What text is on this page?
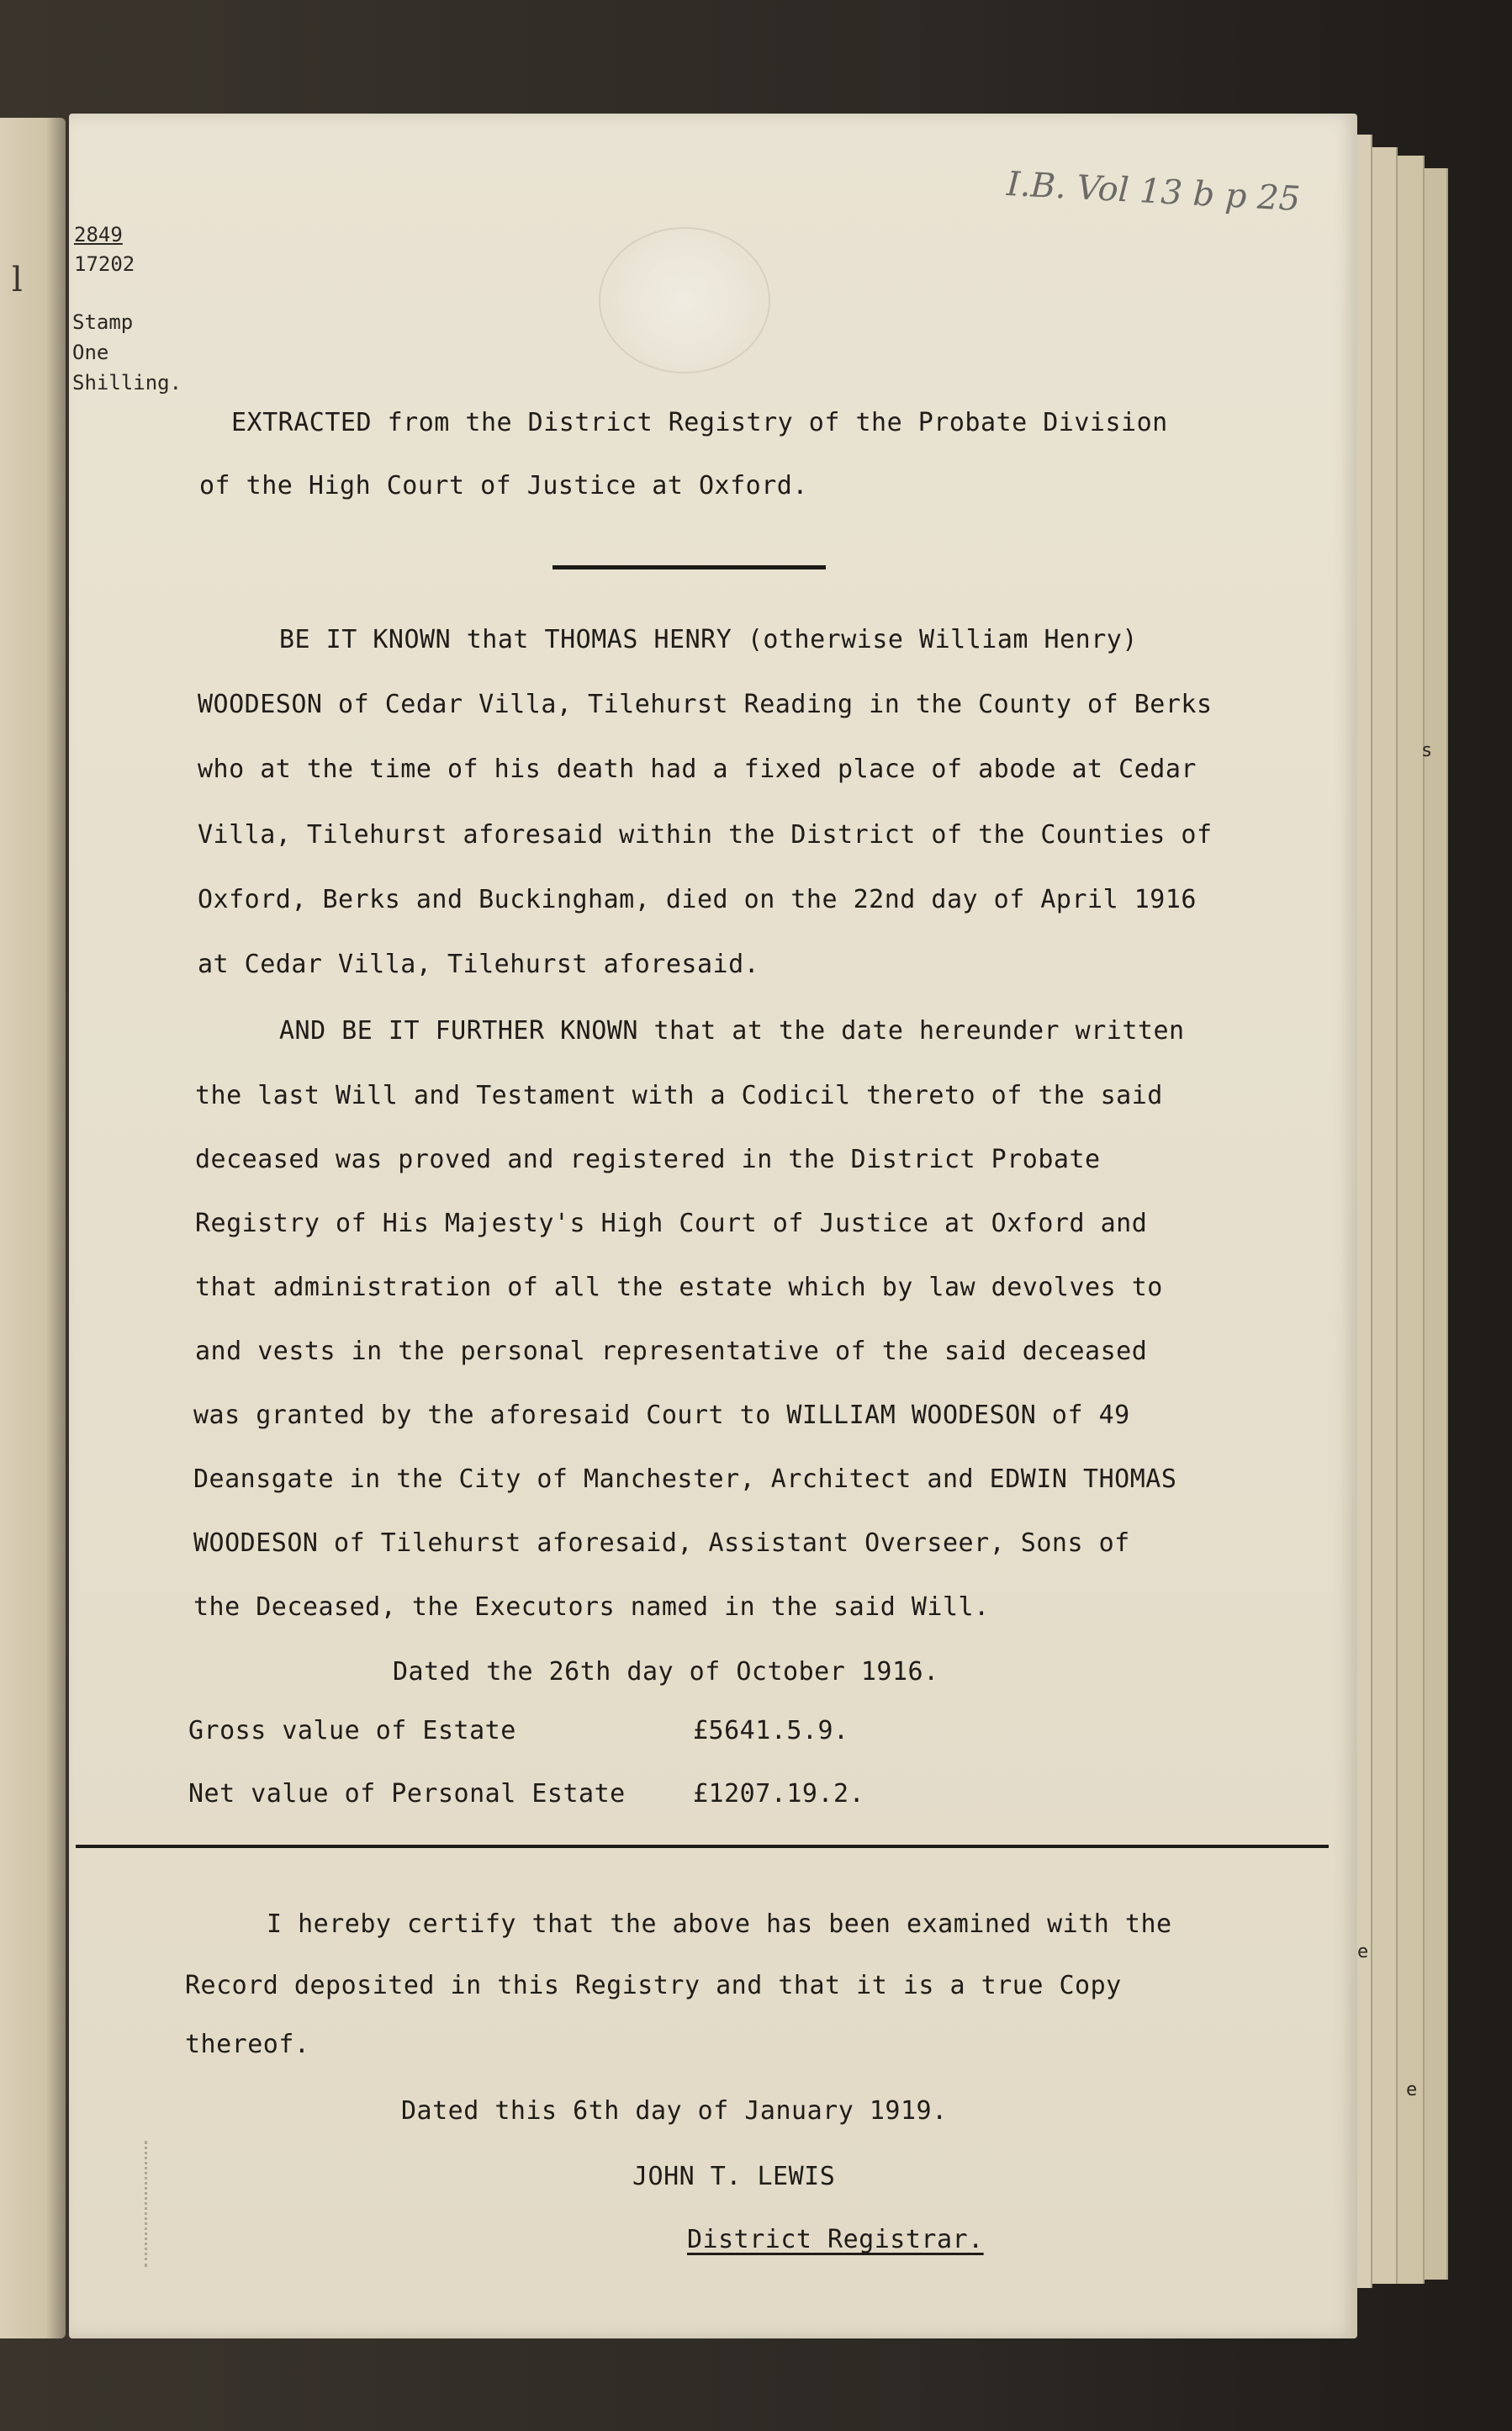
l
s
e
e
I.B. Vol 13 b p 25
2849
17202
Stamp
One
Shilling.
EXTRACTED from the District Registry of the Probate Division
of the High Court of Justice at Oxford.
BE IT KNOWN that THOMAS HENRY (otherwise William Henry)
WOODESON of Cedar Villa, Tilehurst Reading in the County of Berks
who at the time of his death had a fixed place of abode at Cedar
Villa, Tilehurst aforesaid within the District of the Counties of
Oxford, Berks and Buckingham, died on the 22nd day of April 1916
at Cedar Villa, Tilehurst aforesaid.
AND BE IT FURTHER KNOWN that at the date hereunder written
the last Will and Testament with a Codicil thereto of the said
deceased was proved and registered in the District Probate
Registry of His Majesty's High Court of Justice at Oxford and
that administration of all the estate which by law devolves to
and vests in the personal representative of the said deceased
was granted by the aforesaid Court to WILLIAM WOODESON of 49
Deansgate in the City of Manchester, Architect and EDWIN THOMAS
WOODESON of Tilehurst aforesaid, Assistant Overseer, Sons of
the Deceased, the Executors named in the said Will.
Dated the 26th day of October 1916.
Gross value of Estate	£5641.5.9.
Net value of Personal Estate	£1207.19.2.
I hereby certify that the above has been examined with the
Record deposited in this Registry and that it is a true Copy
thereof.
Dated this 6th day of January 1919.
JOHN T. LEWIS
District Registrar.
